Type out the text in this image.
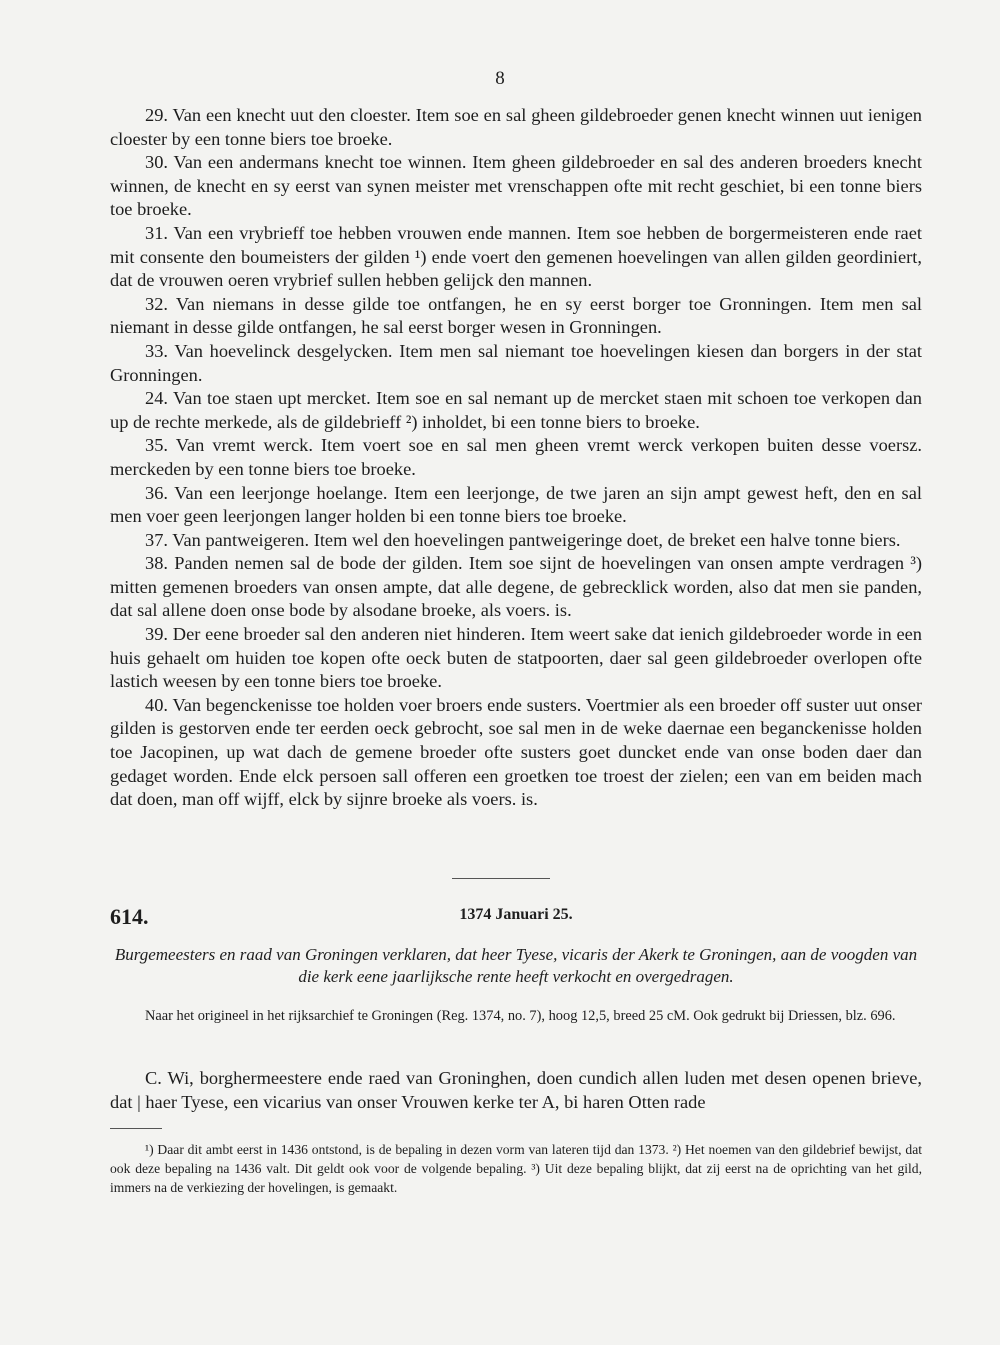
8

29. Van een knecht uut den cloester. Item soe en sal gheen gildebroeder genen knecht winnen uut ienigen cloester by een tonne biers toe broeke.

30. Van een andermans knecht toe winnen. Item gheen gildebroeder en sal des anderen broeders knecht winnen, de knecht en sy eerst van synen meister met vrenschappen ofte mit recht geschiet, bi een tonne biers toe broeke.

31. Van een vrybrieff toe hebben vrouwen ende mannen. Item soe hebben de borgermeisteren ende raet mit consente den boumeisters der gilden ¹) ende voert den gemenen hoevelingen van allen gilden geordiniert, dat de vrouwen oeren vrybrief sullen hebben gelijck den mannen.

32. Van niemans in desse gilde toe ontfangen, he en sy eerst borger toe Gronningen. Item men sal niemant in desse gilde ontfangen, he sal eerst borger wesen in Gronningen.

33. Van hoevelinck desgelycken. Item men sal niemant toe hoevelingen kiesen dan borgers in der stat Gronningen.

24. Van toe staen upt mercket. Item soe en sal nemant up de mercket staen mit schoen toe verkopen dan up de rechte merkede, als de gildebrieff ²) inholdet, bi een tonne biers to broeke.

35. Van vremt werck. Item voert soe en sal men gheen vremt werck verkopen buiten desse voersz. merckeden by een tonne biers toe broeke.

36. Van een leerjonge hoelange. Item een leerjonge, de twe jaren an sijn ampt gewest heft, den en sal men voer geen leerjongen langer holden bi een tonne biers toe broeke.

37. Van pantweigeren. Item wel den hoevelingen pantweigeringe doet, de breket een halve tonne biers.

38. Panden nemen sal de bode der gilden. Item soe sijnt de hoevelingen van onsen ampte verdragen ³) mitten gemenen broeders van onsen ampte, dat alle degene, de gebrecklick worden, also dat men sie panden, dat sal allene doen onse bode by alsodane broeke, als voers. is.

39. Der eene broeder sal den anderen niet hinderen. Item weert sake dat ienich gildebroeder worde in een huis gehaelt om huiden toe kopen ofte oeck buten de statpoorten, daer sal geen gildebroeder overlopen ofte lastich weesen by een tonne biers toe broeke.

40. Van begenckenisse toe holden voer broers ende susters. Voertmier als een broeder off suster uut onser gilden is gestorven ende ter eerden oeck gebrocht, soe sal men in de weke daernae een beganckenisse holden toe Jacopinen, up wat dach de gemene broeder ofte susters goet duncket ende van onse boden daer dan gedaget worden. Ende elck persoen sall offeren een groetken toe troest der zielen; een van em beiden mach dat doen, man off wijff, elck by sijnre broeke als voers. is.

614.	1374 Januari 25.
Burgemeesters en raad van Groningen verklaren, dat heer Tyese, vicaris der Akerk te Groningen, aan de voogden van die kerk eene jaarlijksche rente heeft verkocht en overgedragen.
Naar het origineel in het rijksarchief te Groningen (Reg. 1374, no. 7), hoog 12,5, breed 25 cM. Ook gedrukt bij Driessen, blz. 696.
C. Wi, borghermeestere ende raed van Groninghen, doen cundich allen luden met desen openen brieve, dat | haer Tyese, een vicarius van onser Vrouwen kerke ter A, bi haren Otten rade
¹) Daar dit ambt eerst in 1436 ontstond, is de bepaling in dezen vorm van lateren tijd dan 1373. ²) Het noemen van den gildebrief bewijst, dat ook deze bepaling na 1436 valt. Dit geldt ook voor de volgende bepaling. ³) Uit deze bepaling blijkt, dat zij eerst na de oprichting van het gild, immers na de verkiezing der hovelingen, is gemaakt.
